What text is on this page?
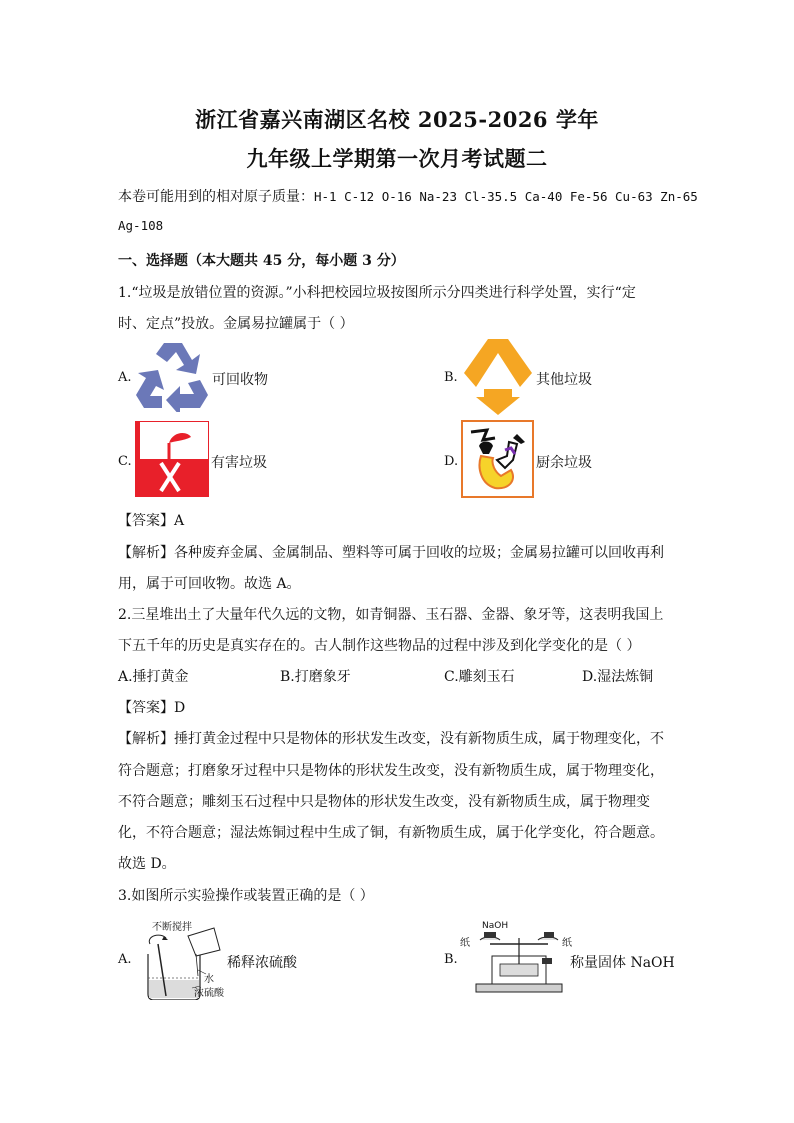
浙江省嘉兴南湖区名校 2025-2026 学年
九年级上学期第一次月考试题二
本卷可能用到的相对原子质量：H-1 C-12 O-16 Na-23 Cl-35.5 Ca-40 Fe-56 Cu-63 Zn-65
Ag-108
一、选择题（本大题共 45 分，每小题 3 分）
1.“垃圾是放错位置的资源。”小科把校园垃圾按图所示分四类进行科学处置，实行“定
时、定点”投放。金属易拉罐属于（ ）
A.	可回收物	B.	其他垃圾
C.	有害垃圾	D.	厨余垃圾
【答案】A
【解析】各种废弃金属、金属制品、塑料等可属于回收的垃圾；金属易拉罐可以回收再利
用，属于可回收物。故选 A。
2.三星堆出土了大量年代久远的文物，如青铜器、玉石器、金器、象牙等，这表明我国上
下五千年的历史是真实存在的。古人制作这些物品的过程中涉及到化学变化的是（ ）
A.捶打黄金	B.打磨象牙	C.雕刻玉石	D.湿法炼铜
【答案】D
【解析】捶打黄金过程中只是物体的形状发生改变，没有新物质生成，属于物理变化，不
符合题意；打磨象牙过程中只是物体的形状发生改变，没有新物质生成，属于物理变化，
不符合题意；雕刻玉石过程中只是物体的形状发生改变，没有新物质生成，属于物理变
化，不符合题意；湿法炼铜过程中生成了铜，有新物质生成，属于化学变化，符合题意。
故选 D。
3.如图所示实验操作或装置正确的是（ ）
A.
不断搅拌
水
浓硫酸
稀释浓硫酸	B.
NaOH
纸	纸
称量固体 NaOH
